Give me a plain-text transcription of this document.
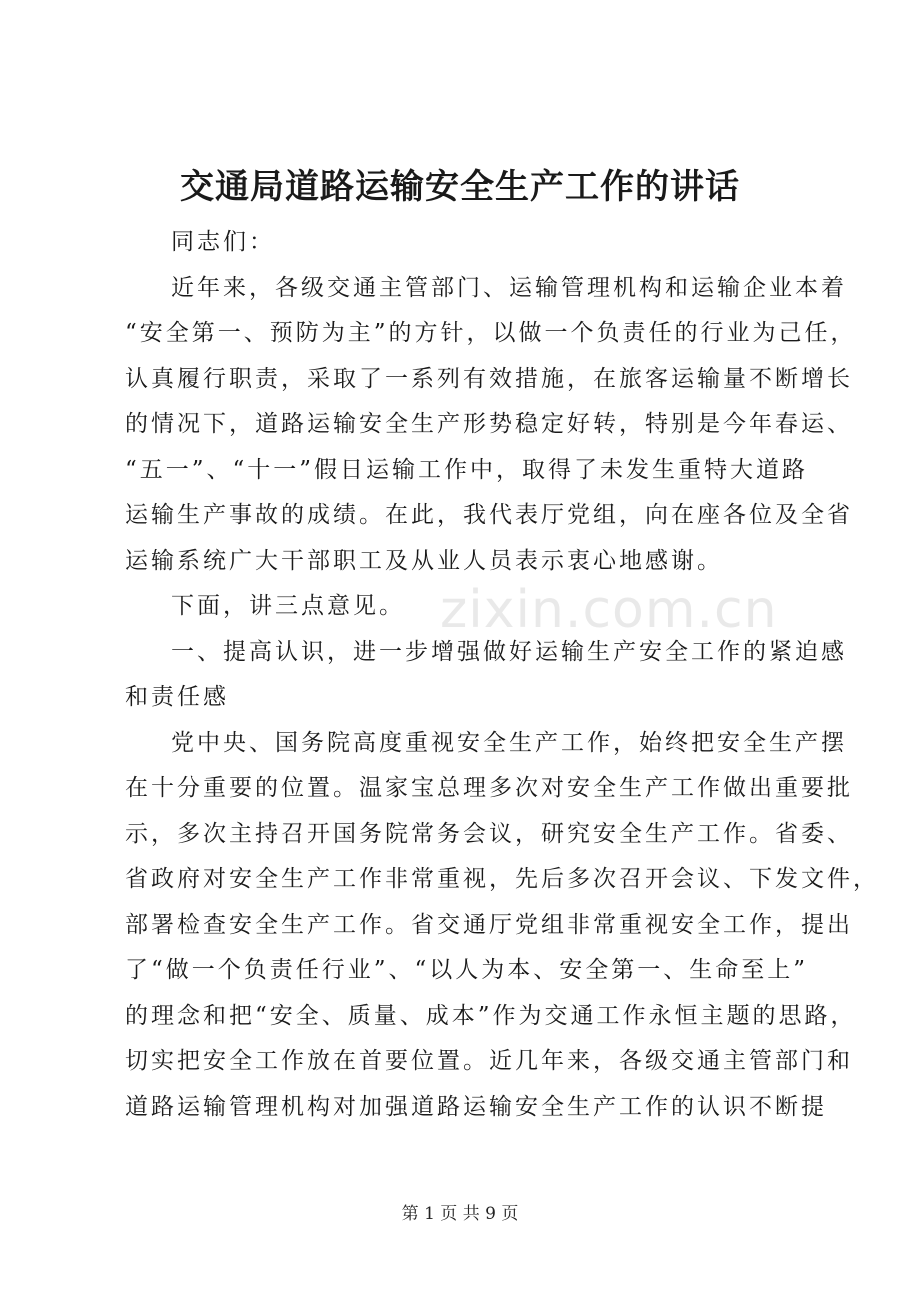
交通局道路运输安全生产工作的讲话

同志们：

近年来，各级交通主管部门、运输管理机构和运输企业本着

“安全第一、预防为主”的方针，以做一个负责任的行业为己任，

认真履行职责，采取了一系列有效措施，在旅客运输量不断增长

的情况下，道路运输安全生产形势稳定好转，特别是今年春运、

“五一”、“十一”假日运输工作中，取得了未发生重特大道路

运输生产事故的成绩。在此，我代表厅党组，向在座各位及全省

运输系统广大干部职工及从业人员表示衷心地感谢。

下面，讲三点意见。

一、提高认识，进一步增强做好运输生产安全工作的紧迫感

和责任感

党中央、国务院高度重视安全生产工作，始终把安全生产摆

在十分重要的位置。温家宝总理多次对安全生产工作做出重要批

示，多次主持召开国务院常务会议，研究安全生产工作。省委、

省政府对安全生产工作非常重视，先后多次召开会议、下发文件，

部署检查安全生产工作。省交通厅党组非常重视安全工作，提出

了“做一个负责任行业”、“以人为本、安全第一、生命至上”

的理念和把“安全、质量、成本”作为交通工作永恒主题的思路，

切实把安全工作放在首要位置。近几年来，各级交通主管部门和

道路运输管理机构对加强道路运输安全生产工作的认识不断提

zixin.com.cn
第 1 页 共 9 页
